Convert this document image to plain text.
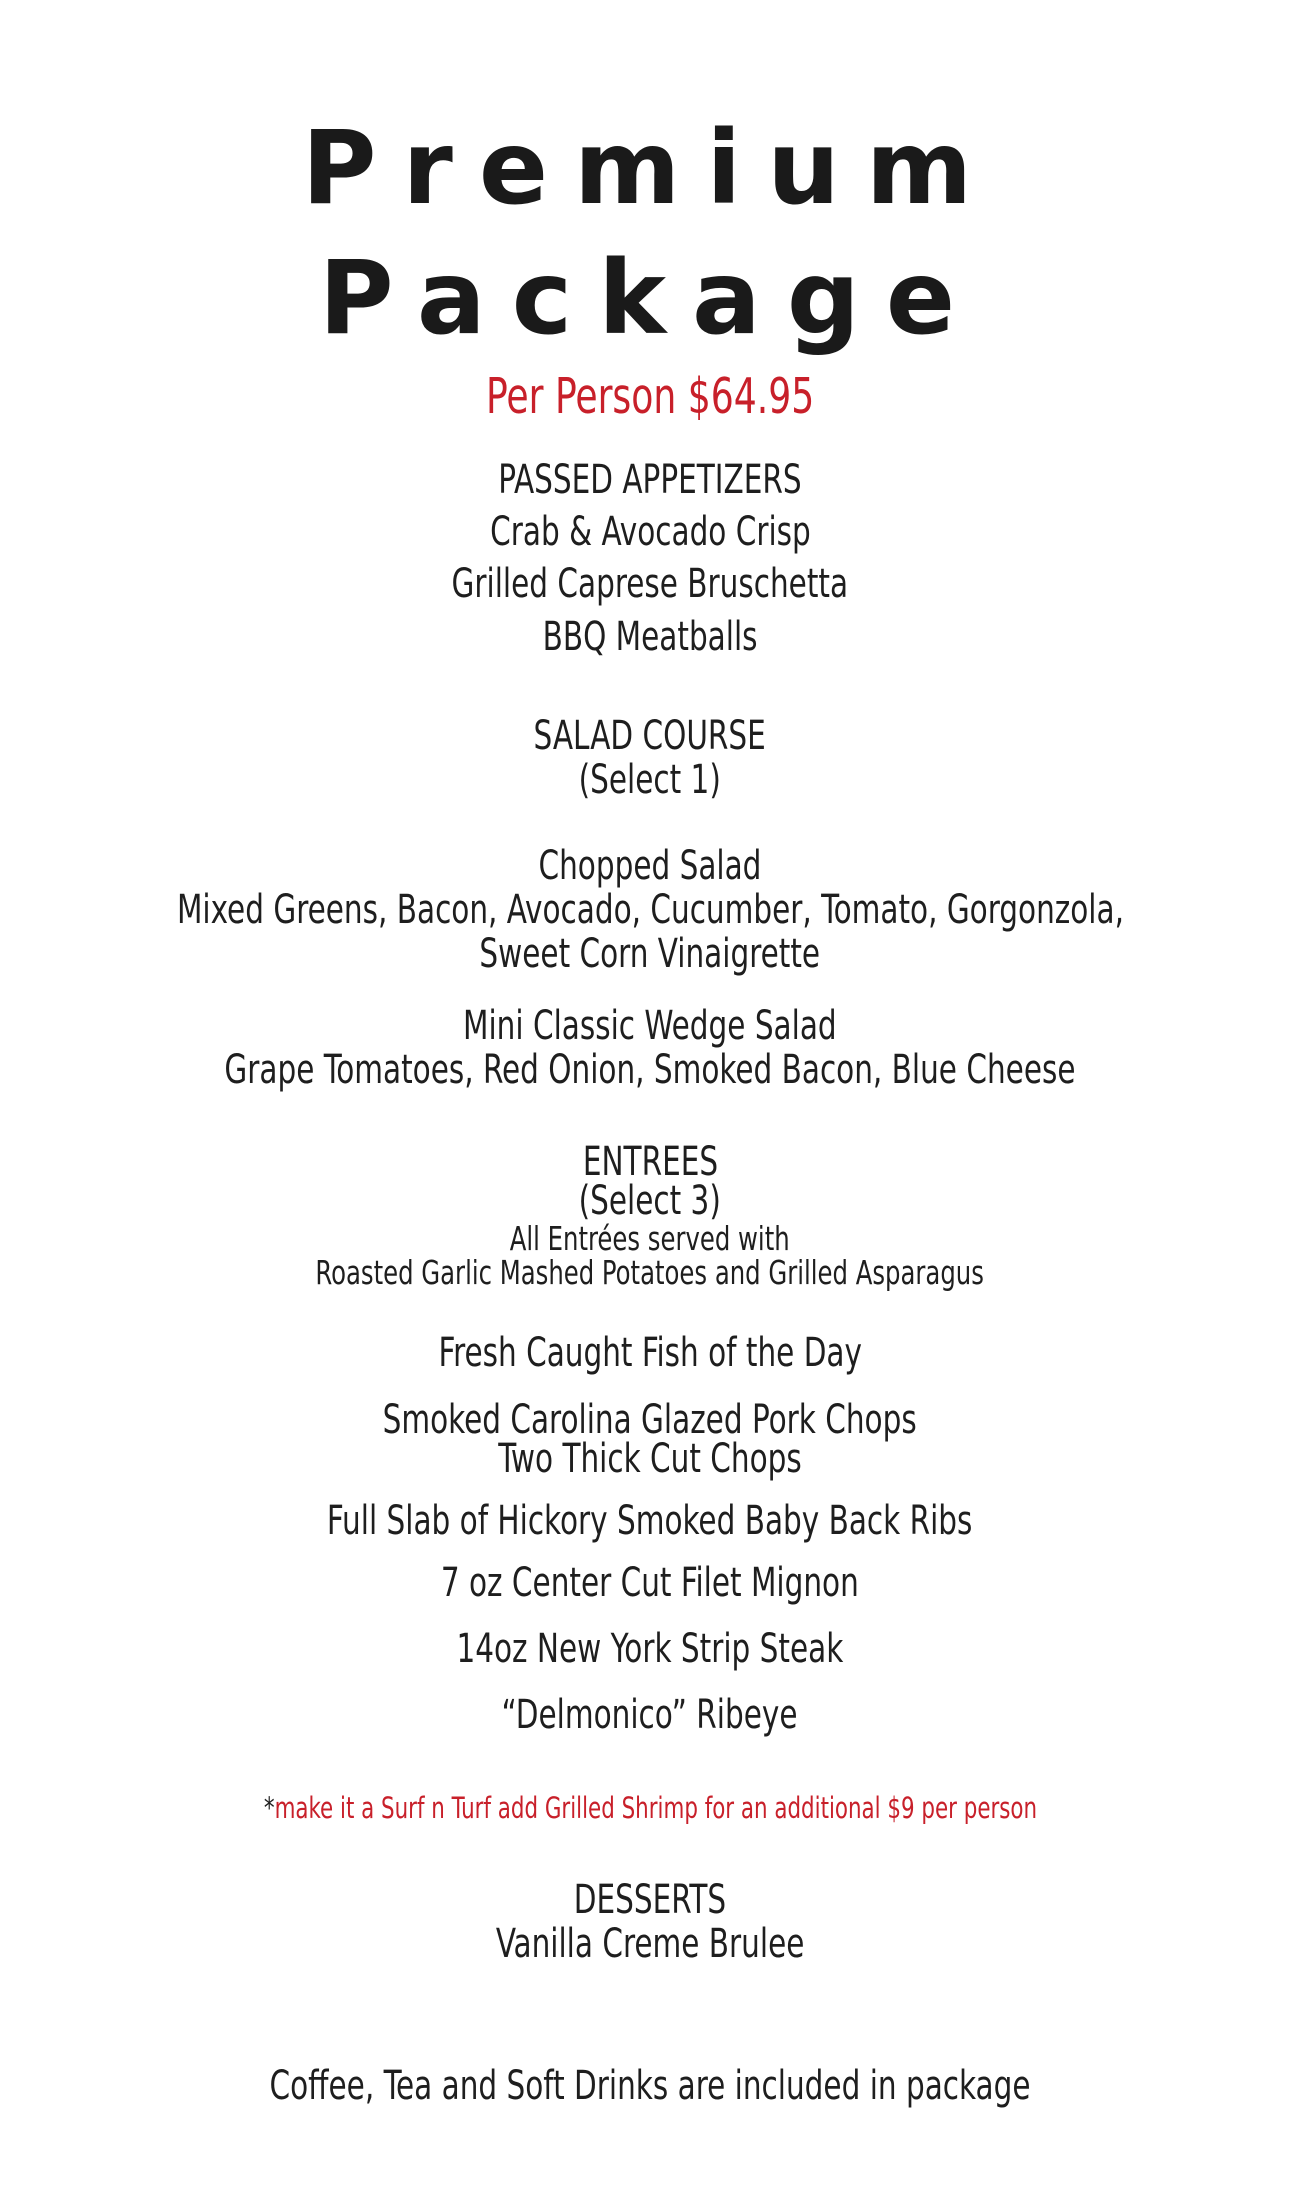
Premium
Package
Per Person $64.95
PASSED APPETIZERS
Crab & Avocado Crisp
Grilled Caprese Bruschetta
BBQ Meatballs
SALAD COURSE
(Select 1)
Chopped Salad
Mixed Greens, Bacon, Avocado, Cucumber, Tomato, Gorgonzola,
Sweet Corn Vinaigrette
Mini Classic Wedge Salad
Grape Tomatoes, Red Onion, Smoked Bacon, Blue Cheese
ENTREES
(Select 3)
All Entrées served with
Roasted Garlic Mashed Potatoes and Grilled Asparagus
Fresh Caught Fish of the Day
Smoked Carolina Glazed Pork Chops
Two Thick Cut Chops
Full Slab of Hickory Smoked Baby Back Ribs
7 oz Center Cut Filet Mignon
14oz New York Strip Steak
“Delmonico” Ribeye
*make it a Surf n Turf add Grilled Shrimp for an additional $9 per person
DESSERTS
Vanilla Creme Brulee
Coffee, Tea and Soft Drinks are included in package
